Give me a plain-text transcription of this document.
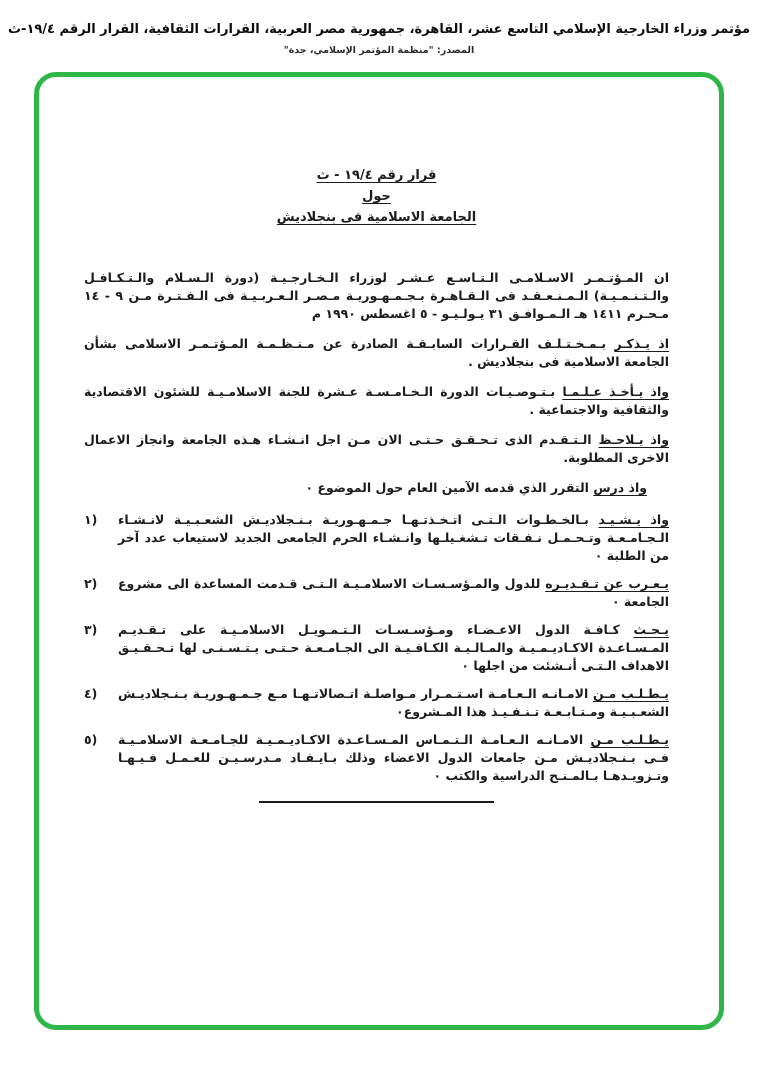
مؤتمر وزراء الخارجية الإسلامي التاسع عشر، القاهرة، جمهورية مصر العربية، القرارات الثقافية، القرار الرقم ١٩/٤-ث
المصدر: "منظمة المؤتمر الإسلامي، جدة"
قرار رقم ١٩/٤ - ث
حول
الجامعة الاسلامية فى بنجلاديش

ان المـؤتـمـر الاسـلامـى الـتـاسـع عـشـر لوزراء الـخـارجـيـة (دورة الـسـلام والـتـكـافـل والـتـنـمـيـة) الـمـنـعـقـد فى الـقـاهـرة بـجـمـهـوريـة مـصـر الـعـربـيـة فى الـفـتـرة مـن ٩ - ١٤ مـحـرم ١٤١١ هـ الـمـوافـق ٣١ يـولـيـو - ٥ اغسطس ١٩٩٠ م

اذ يـذكـر بـمـخـتـلـف القـرارات السابـقـة الصادرة عن مـنـظـمـة المـؤتـمـر الاسلامى بشأن الجامعة الاسلامية فى بنجلاديش .

واذ يـأخـذ عـلـمـا بـتـوصـيـات الدورة الـخـامـسـة عـشرة للجنة الاسلامـيـة للشئون الاقتصادية والثقافية والاجتماعية .

واذ يـلاحـظ الـتـقـدم الذى تـحـقـق حـتـى الان مـن اجل انـشـاء هـذه الجامعة وانجاز الاعمال الاخرى المطلوبة.

واذ درس التقرر الذي قدمه الآمين العام حول الموضوع ٠

١)	واذ يـشـيـد بـالخـطـوات الـتـى اتـخـذتـهـا جـمـهـوريـة بـنـجلاديـش الشعـبـيـة لانـشـاء الـجـامـعـة وتـحـمـل نـفـقات تـشغـيلـها وانـشـاء الحرم الجامعى الجديد لاستيعاب عدد آخر من الطلبة ٠
٢)	يـعـرب عن تـقـديـره للدول والمـؤسـسـات الاسلامـيـة الـتـى قـدمت المساعدة الى مشروع الجامعة ٠
٣)	يـحـث كـافـة الدول الاعـضـاء ومـؤسـسـات الـتـمـويـل الاسلامـيـة على تـقـديـم المـسـاعـدة الاكـاديـمـيـة والمـالـيـة الكـافـيـة الى الجـامـعـة حـتـى يـتـسـنـى لها تـحـقـيـق الاهداف الـتـى أنـشئت من اجلها ٠
٤)	يـطـلـب مـن الامـانـه الـعـامـة اسـتـمـرار مـواصلـة اتـصالاتـهـا مـع جـمـهـوريـة بـنـجلاديـش الشعـبـيـة ومـتـابـعـة تـنـفـيـذ هذا المـشروع٠
٥)	يـطـلـب مـن الامـانـه الـعـامـة الـتـمـاس المـسـاعـدة الاكـاديـمـيـة للجـامـعـة الاسلامـيـة فـى بـنـجلاديـش مـن جامعات الدول الاعضاء وذلك بـايـفـاد مـدرسـيـن للعـمـل فـيـهـا وتـزويـدهـا بـالمـنـح الدراسية والكتب ٠
